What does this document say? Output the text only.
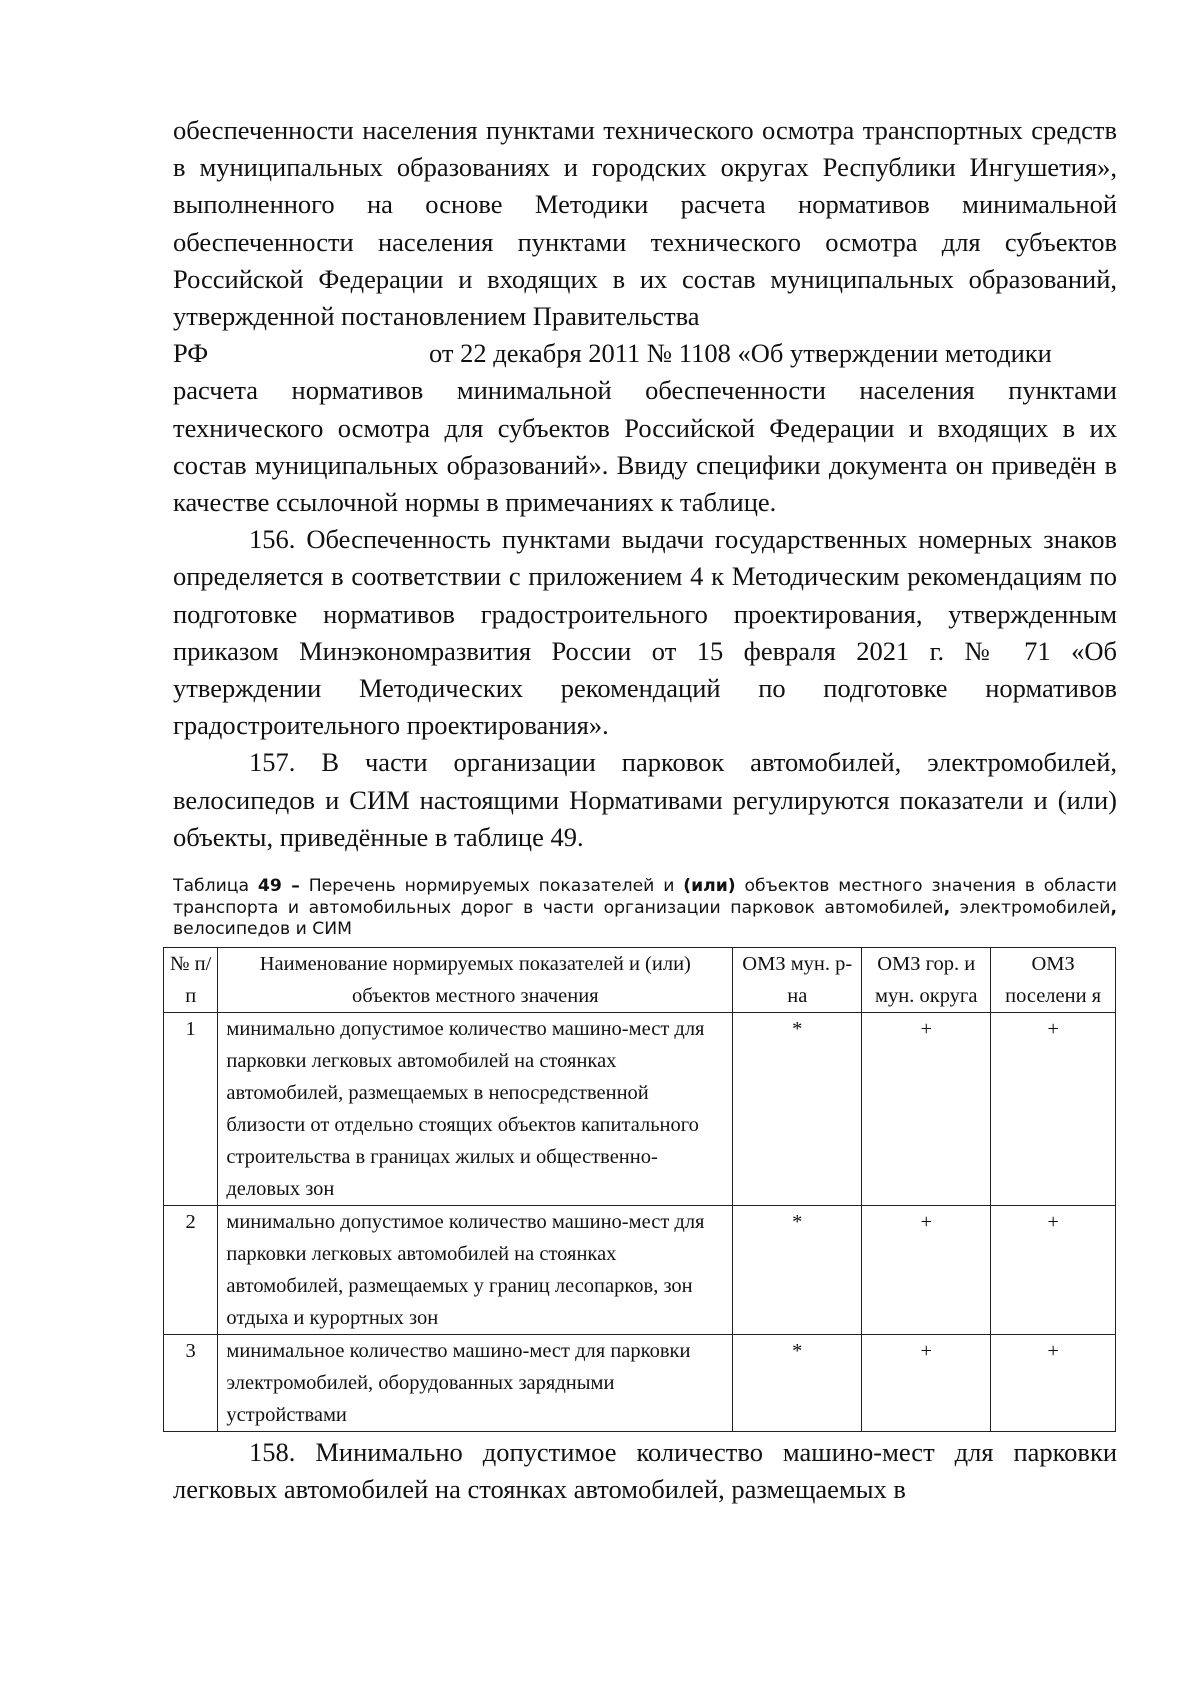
обеспеченности населения пунктами технического осмотра транспортных средств в муниципальных образованиях и городских округах Республики Ингушетия», выполненного на основе Методики расчета нормативов минимальной обеспеченности населения пунктами технического осмотра для субъектов Российской Федерации и входящих в их состав муниципальных образований, утвержденной постановлением Правительства

РФ	от 22 декабря 2011 № 1108 «Об утверждении методики

расчета нормативов минимальной обеспеченности населения пунктами технического осмотра для субъектов Российской Федерации и входящих в их состав муниципальных образований». Ввиду специфики документа он приведён в качестве ссылочной нормы в примечаниях к таблице.

156. Обеспеченность пунктами выдачи государственных номерных знаков определяется в соответствии с приложением 4 к Методическим рекомендациям по подготовке нормативов градостроительного проектирования, утвержденным приказом Минэкономразвития России от 15 февраля 2021 г. № 71 «Об утверждении Методических рекомендаций по подготовке нормативов градостроительного проектирования».

157. В части организации парковок автомобилей, электромобилей, велосипедов и СИМ настоящими Нормативами регулируются показатели и (или) объекты, приведённые в таблице 49.

Таблица 49 – Перечень нормируемых показателей и (или) объектов местного значения в области транспорта и автомобильных дорог в части организации парковок автомобилей, электромобилей, велосипедов и СИМ

№ п/п	Наименование нормируемых показателей и (или) объектов местного значения	ОМЗ мун. р-на	ОМЗ гор. и мун. округа	ОМЗ поселени я
1	минимально допустимое количество машино-мест для парковки легковых автомобилей на стоянках автомобилей, размещаемых в непосредственной близости от отдельно стоящих объектов капитального строительства в границах жилых и общественно-деловых зон	*	+	+
2	минимально допустимое количество машино-мест для парковки легковых автомобилей на стоянках автомобилей, размещаемых у границ лесопарков, зон отдыха и курортных зон	*	+	+
3	минимальное количество машино-мест для парковки электромобилей, оборудованных зарядными устройствами	*	+	+

158. Минимально допустимое количество машино-мест для парковки легковых автомобилей на стоянках автомобилей, размещаемых в
